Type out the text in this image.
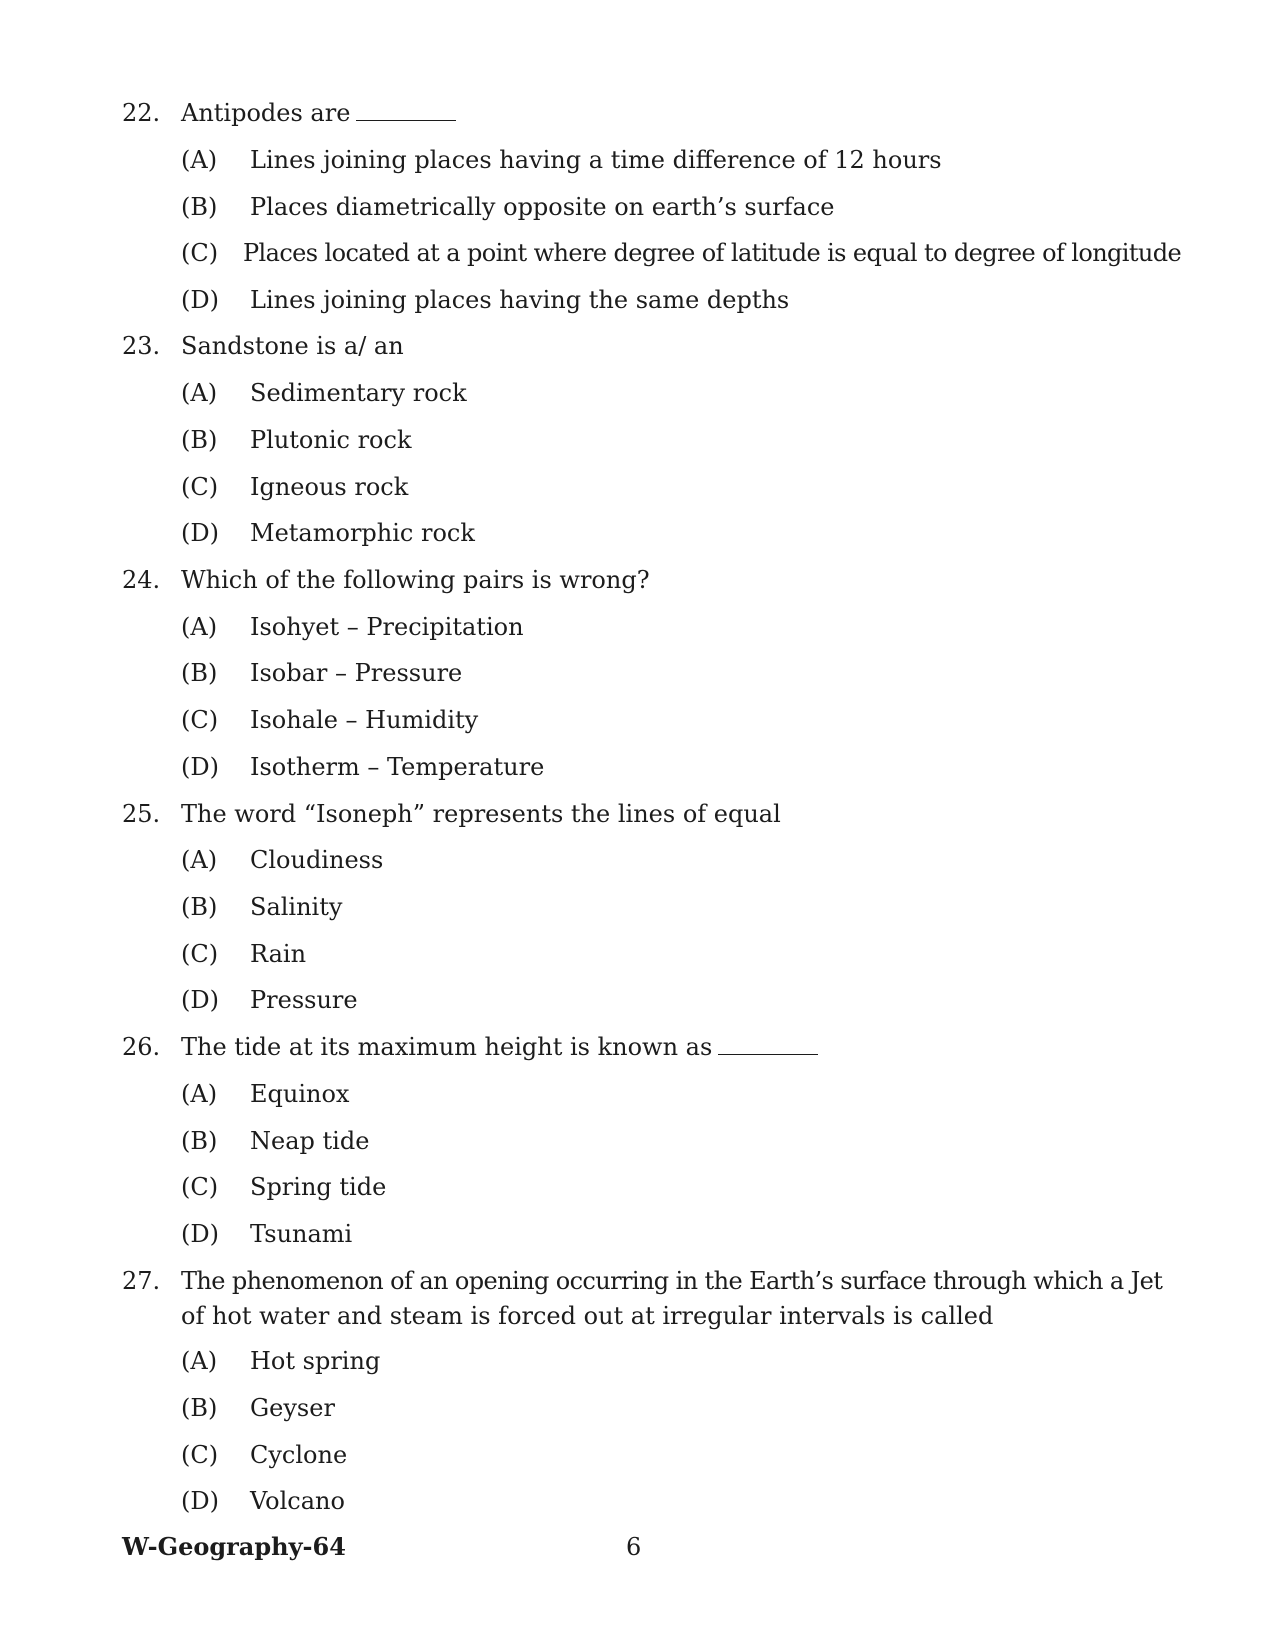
22. Antipodes are
(A) Lines joining places having a time difference of 12 hours
(B) Places diametrically opposite on earth’s surface
(C) Places located at a point where degree of latitude is equal to degree of longitude
(D) Lines joining places having the same depths
23. Sandstone is a/ an
(A) Sedimentary rock
(B) Plutonic rock
(C) Igneous rock
(D) Metamorphic rock
24. Which of the following pairs is wrong?
(A) Isohyet – Precipitation
(B) Isobar – Pressure
(C) Isohale – Humidity
(D) Isotherm – Temperature
25. The word “Isoneph” represents the lines of equal
(A) Cloudiness
(B) Salinity
(C) Rain
(D) Pressure
26. The tide at its maximum height is known as
(A) Equinox
(B) Neap tide
(C) Spring tide
(D) Tsunami
27. The phenomenon of an opening occurring in the Earth’s surface through which a Jet
of hot water and steam is forced out at irregular intervals is called
(A) Hot spring
(B) Geyser
(C) Cyclone
(D) Volcano
W-Geography-64	6
